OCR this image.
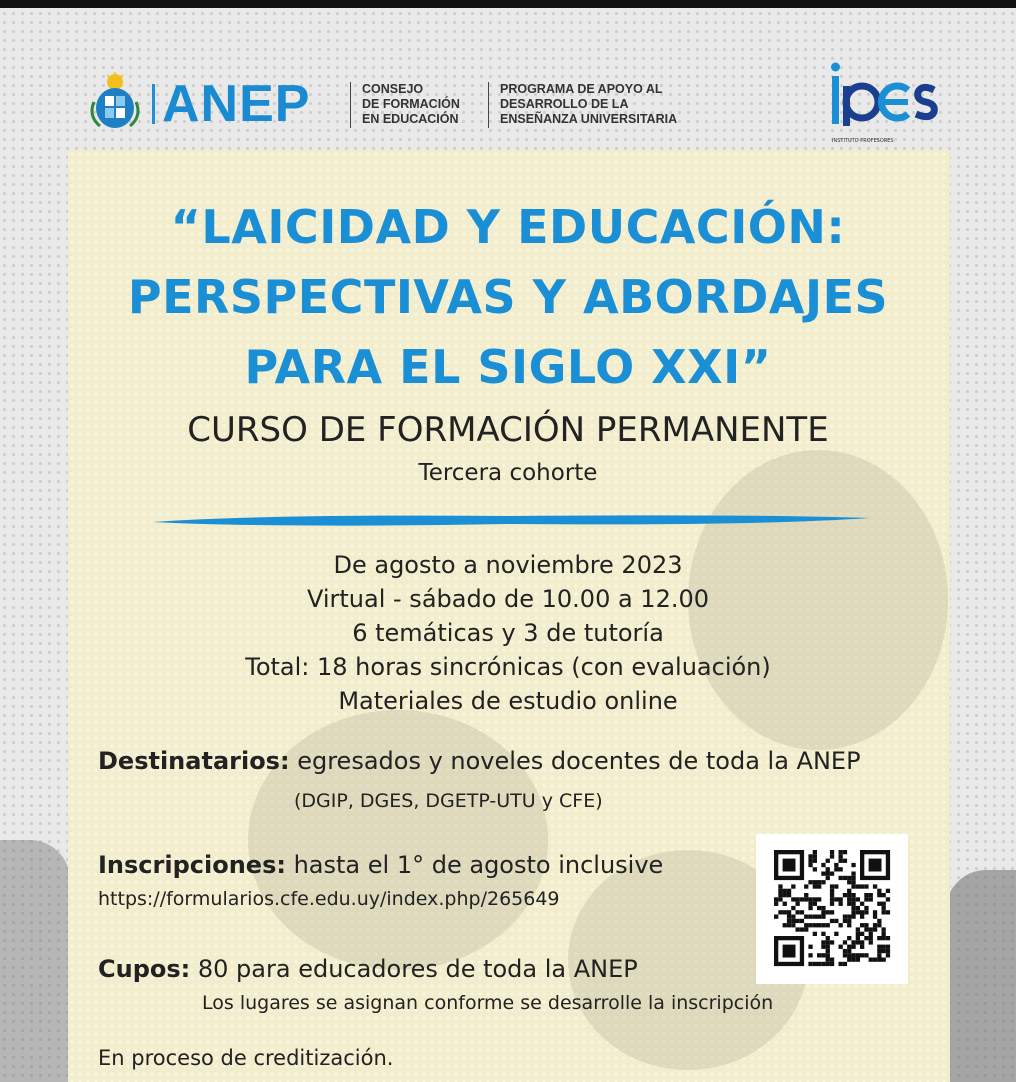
ANEP	CONSEJO
DE FORMACIÓN
EN EDUCACIÓN
PROGRAMA DE APOYO AL
DESARROLLO DE LA
ENSEÑANZA UNIVERSITARIA
INSTITUTO PROFESORES
“LAICIDAD Y EDUCACIÓN:
PERSPECTIVAS Y ABORDAJES
PARA EL SIGLO XXI”
CURSO DE FORMACIÓN PERMANENTE
Tercera cohorte
De agosto a noviembre 2023
Virtual - sábado de 10.00 a 12.00
6 temáticas y 3 de tutoría
Total: 18 horas sincrónicas (con evaluación)
Materiales de estudio online
Destinatarios: egresados y noveles docentes de toda la ANEP
(DGIP, DGES, DGETP-UTU y CFE)
Inscripciones: hasta el 1° de agosto inclusive
https://formularios.cfe.edu.uy/index.php/265649
Cupos: 80 para educadores de toda la ANEP
Los lugares se asignan conforme se desarrolle la inscripción
En proceso de creditización.
